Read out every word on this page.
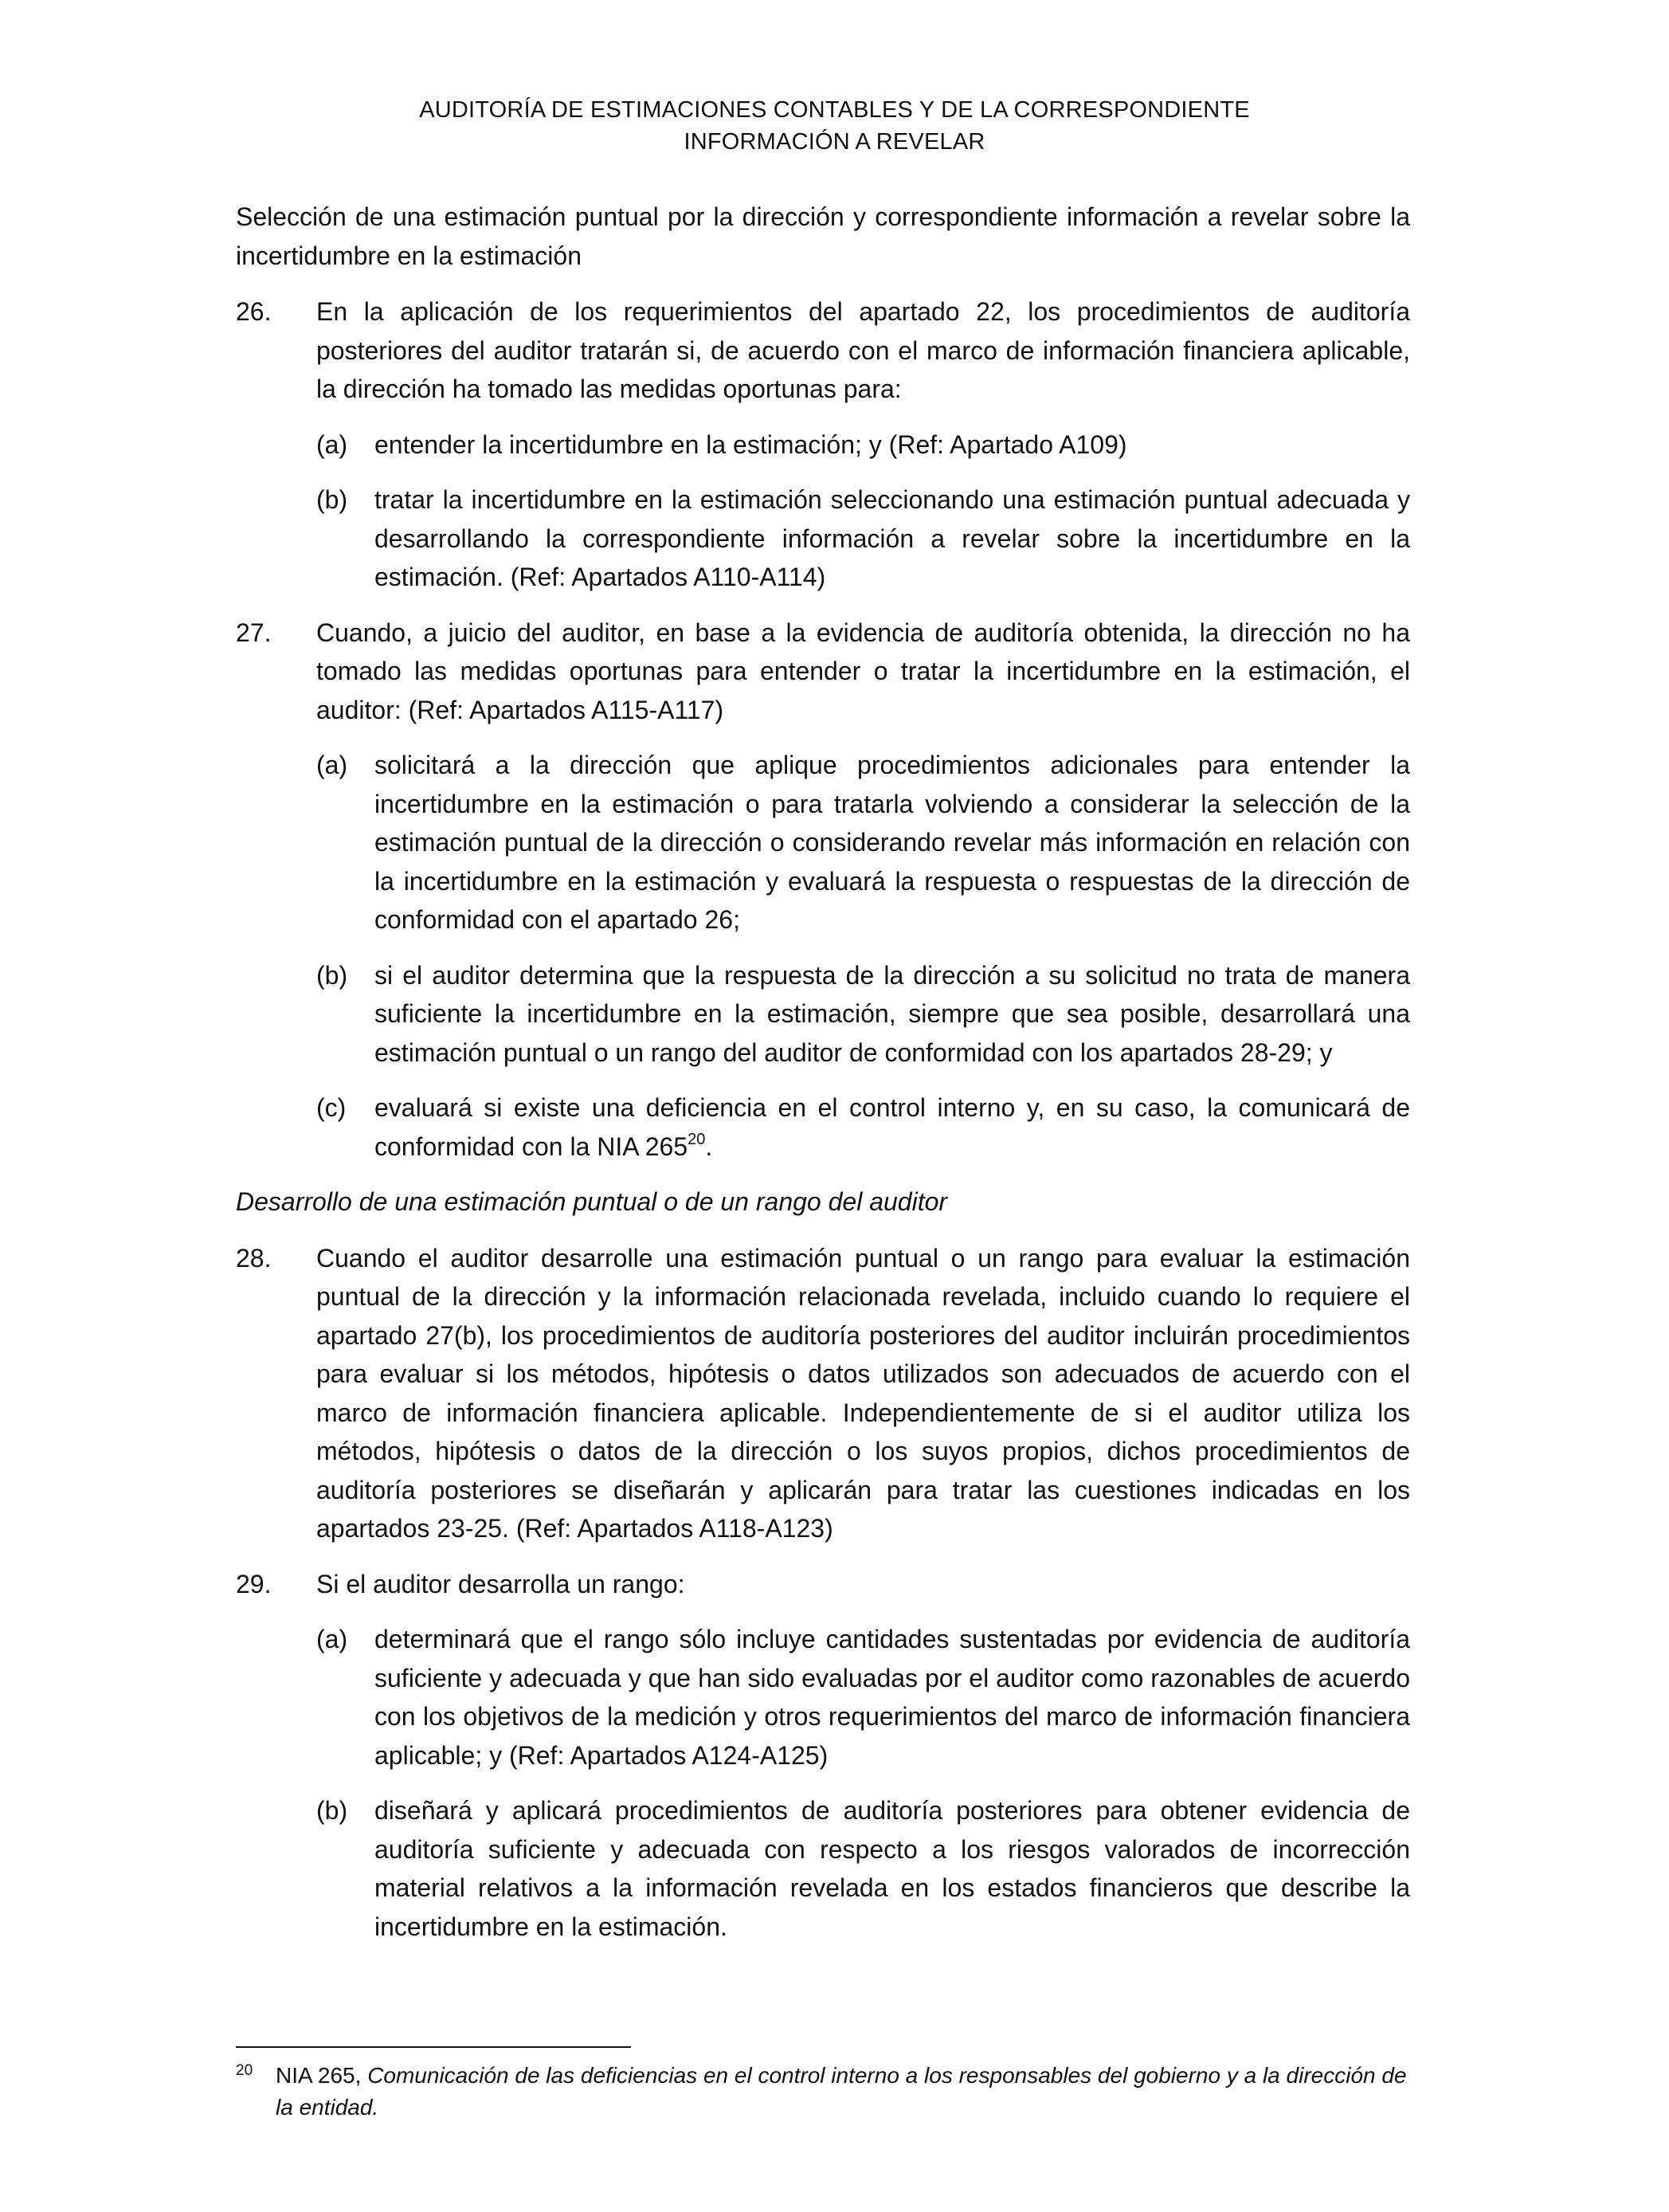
AUDITORÍA DE ESTIMACIONES CONTABLES Y DE LA CORRESPONDIENTE
INFORMACIÓN A REVELAR

Selección de una estimación puntual por la dirección y correspondiente información a revelar sobre la incertidumbre en la estimación

26. En la aplicación de los requerimientos del apartado 22, los procedimientos de auditoría posteriores del auditor tratarán si, de acuerdo con el marco de información financiera aplicable, la dirección ha tomado las medidas oportunas para:
(a) entender la incertidumbre en la estimación; y (Ref: Apartado A109)
(b) tratar la incertidumbre en la estimación seleccionando una estimación puntual adecuada y desarrollando la correspondiente información a revelar sobre la incertidumbre en la estimación. (Ref: Apartados A110-A114)
27. Cuando, a juicio del auditor, en base a la evidencia de auditoría obtenida, la dirección no ha tomado las medidas oportunas para entender o tratar la incertidumbre en la estimación, el auditor: (Ref: Apartados A115-A117)
(a) solicitará a la dirección que aplique procedimientos adicionales para entender la incertidumbre en la estimación o para tratarla volviendo a considerar la selección de la estimación puntual de la dirección o considerando revelar más información en relación con la incertidumbre en la estimación y evaluará la respuesta o respuestas de la dirección de conformidad con el apartado 26;
(b) si el auditor determina que la respuesta de la dirección a su solicitud no trata de manera suficiente la incertidumbre en la estimación, siempre que sea posible, desarrollará una estimación puntual o un rango del auditor de conformidad con los apartados 28-29; y
(c) evaluará si existe una deficiencia en el control interno y, en su caso, la comunicará de conformidad con la NIA $265^{20}$.

Desarrollo de una estimación puntual o de un rango del auditor

28. Cuando el auditor desarrolle una estimación puntual o un rango para evaluar la estimación puntual de la dirección y la información relacionada revelada, incluido cuando lo requiere el apartado 27(b), los procedimientos de auditoría posteriores del auditor incluirán procedimientos para evaluar si los métodos, hipótesis o datos utilizados son adecuados de acuerdo con el marco de información financiera aplicable. Independientemente de si el auditor utiliza los métodos, hipótesis o datos de la dirección o los suyos propios, dichos procedimientos de auditoría posteriores se diseñarán y aplicarán para tratar las cuestiones indicadas en los apartados 23-25. (Ref: Apartados A118-A123)
29. Si el auditor desarrolla un rango:
(a) determinará que el rango sólo incluye cantidades sustentadas por evidencia de auditoría suficiente y adecuada y que han sido evaluadas por el auditor como razonables de acuerdo con los objetivos de la medición y otros requerimientos del marco de información financiera aplicable; y (Ref: Apartados A124-A125)
(b) diseñará y aplicará procedimientos de auditoría posteriores para obtener evidencia de auditoría suficiente y adecuada con respecto a los riesgos valorados de incorrección material relativos a la información revelada en los estados financieros que describe la incertidumbre en la estimación.
20	NIA 265, Comunicación de las deficiencias en el control interno a los responsables del gobierno y a la dirección de la entidad.
